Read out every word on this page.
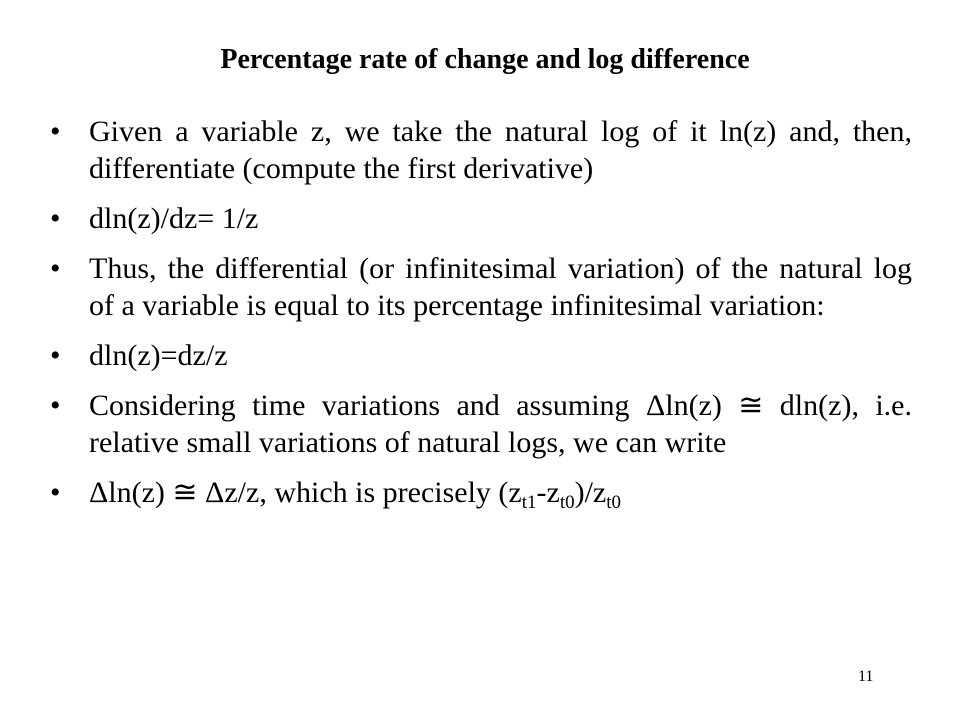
Percentage rate of change and log difference
• Given a variable z, we take the natural log of it ln(z) and, then, differentiate (compute the first derivative)
• dln(z)/dz= 1/z
• Thus, the differential (or infinitesimal variation) of the natural log of a variable is equal to its percentage infinitesimal variation:
• dln(z)=dz/z
• Considering time variations and assuming Δln(z) ≅ dln(z), i.e. relative small variations of natural logs, we can write
• Δln(z) ≅ Δz/z, which is precisely $(z_{t1}-z_{t0})/z_{t0}$
11
